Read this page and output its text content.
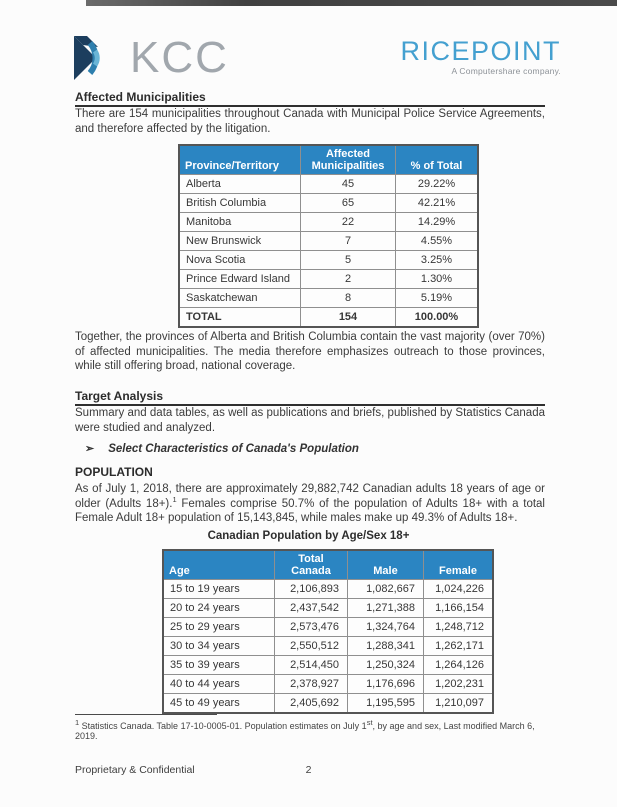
KCC	RICEPOINT
A Computershare company.
Affected Municipalities
There are 154 municipalities throughout Canada with Municipal Police Service Agreements, and therefore affected by the litigation.
Province/Territory	Affected Municipalities	% of Total
Alberta	45	29.22%
British Columbia	65	42.21%
Manitoba	22	14.29%
New Brunswick	7	4.55%
Nova Scotia	5	3.25%
Prince Edward Island	2	1.30%
Saskatchewan	8	5.19%
TOTAL	154	100.00%
Together, the provinces of Alberta and British Columbia contain the vast majority (over 70%) of affected municipalities. The media therefore emphasizes outreach to those provinces, while still offering broad, national coverage.
Target Analysis
Summary and data tables, as well as publications and briefs, published by Statistics Canada were studied and analyzed.
➢ Select Characteristics of Canada's Population
POPULATION
As of July 1, 2018, there are approximately 29,882,742 Canadian adults 18 years of age or older (Adults 18+).$^1$ Females comprise 50.7% of the population of Adults 18+ with a total Female Adult 18+ population of 15,143,845, while males make up 49.3% of Adults 18+.
Canadian Population by Age/Sex 18+
Age	Total Canada	Male	Female
15 to 19 years	2,106,893	1,082,667	1,024,226
20 to 24 years	2,437,542	1,271,388	1,166,154
25 to 29 years	2,573,476	1,324,764	1,248,712
30 to 34 years	2,550,512	1,288,341	1,262,171
35 to 39 years	2,514,450	1,250,324	1,264,126
40 to 44 years	2,378,927	1,176,696	1,202,231
45 to 49 years	2,405,692	1,195,595	1,210,097
$^1$ Statistics Canada. Table 17-10-0005-01. Population estimates on July 1st, by age and sex, Last modified March 6, 2019.
Proprietary & Confidential	2
